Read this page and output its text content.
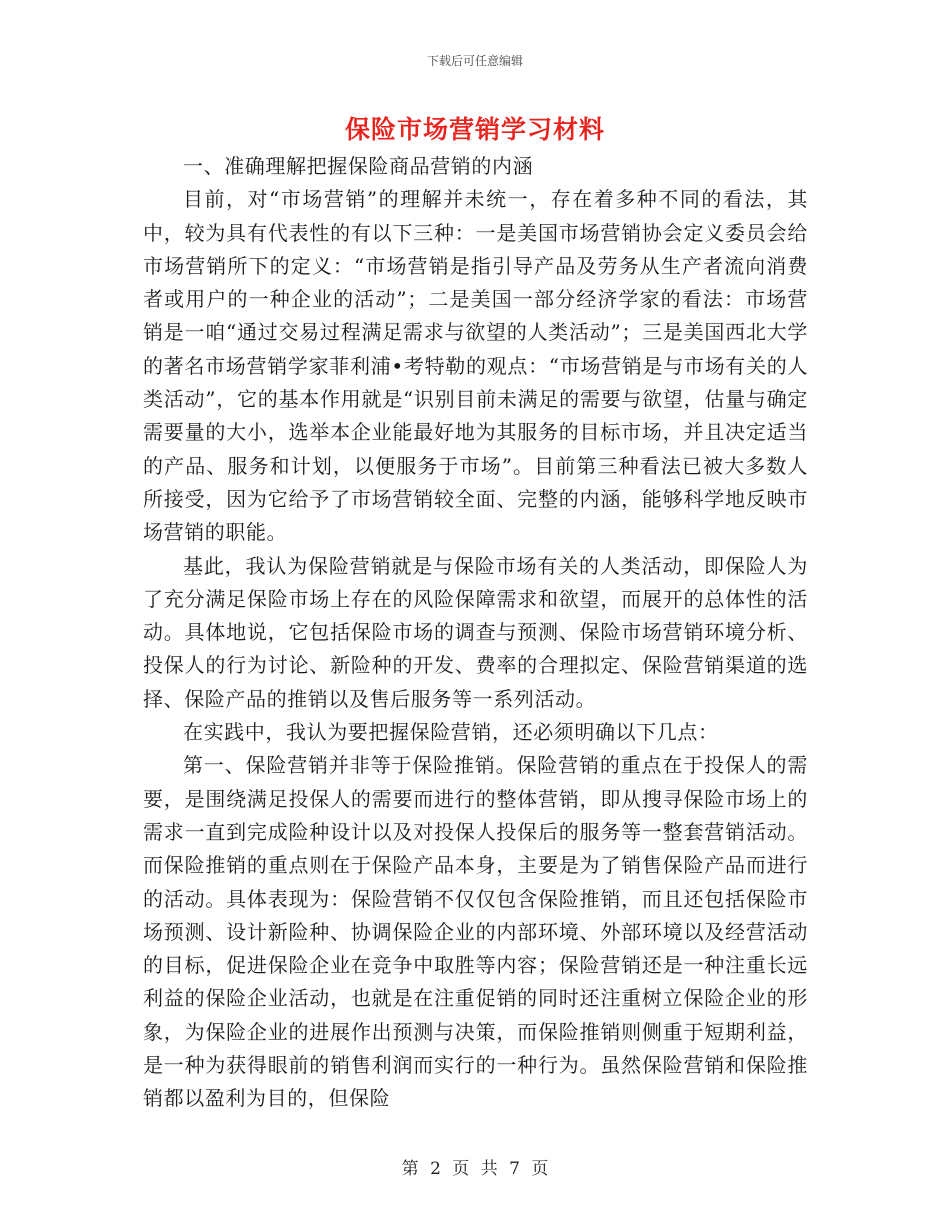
下载后可任意编辑
保险市场营销学习材料

一、准确理解把握保险商品营销的内涵

目前，对“市场营销”的理解并未统一，存在着多种不同的看法，其中，较为具有代表性的有以下三种：一是美国市场营销协会定义委员会给市场营销所下的定义：“市场营销是指引导产品及劳务从生产者流向消费者或用户的一种企业的活动”；二是美国一部分经济学家的看法：市场营销是一咱“通过交易过程满足需求与欲望的人类活动”；三是美国西北大学的著名市场营销学家菲利浦•考特勒的观点：“市场营销是与市场有关的人类活动”，它的基本作用就是“识别目前未满足的需要与欲望，估量与确定需要量的大小，选举本企业能最好地为其服务的目标市场，并且决定适当的产品、服务和计划，以便服务于市场”。目前第三种看法已被大多数人所接受，因为它给予了市场营销较全面、完整的内涵，能够科学地反映市场营销的职能。

基此，我认为保险营销就是与保险市场有关的人类活动，即保险人为了充分满足保险市场上存在的风险保障需求和欲望，而展开的总体性的活动。具体地说，它包括保险市场的调查与预测、保险市场营销环境分析、投保人的行为讨论、新险种的开发、费率的合理拟定、保险营销渠道的选择、保险产品的推销以及售后服务等一系列活动。

在实践中，我认为要把握保险营销，还必须明确以下几点：

第一、保险营销并非等于保险推销。保险营销的重点在于投保人的需要，是围绕满足投保人的需要而进行的整体营销，即从搜寻保险市场上的需求一直到完成险种设计以及对投保人投保后的服务等一整套营销活动。而保险推销的重点则在于保险产品本身，主要是为了销售保险产品而进行的活动。具体表现为：保险营销不仅仅包含保险推销，而且还包括保险市场预测、设计新险种、协调保险企业的内部环境、外部环境以及经营活动的目标，促进保险企业在竞争中取胜等内容；保险营销还是一种注重长远利益的保险企业活动，也就是在注重促销的同时还注重树立保险企业的形象，为保险企业的进展作出预测与决策，而保险推销则侧重于短期利益，是一种为获得眼前的销售利润而实行的一种行为。虽然保险营销和保险推销都以盈利为目的，但保险

第 2 页 共 7 页
